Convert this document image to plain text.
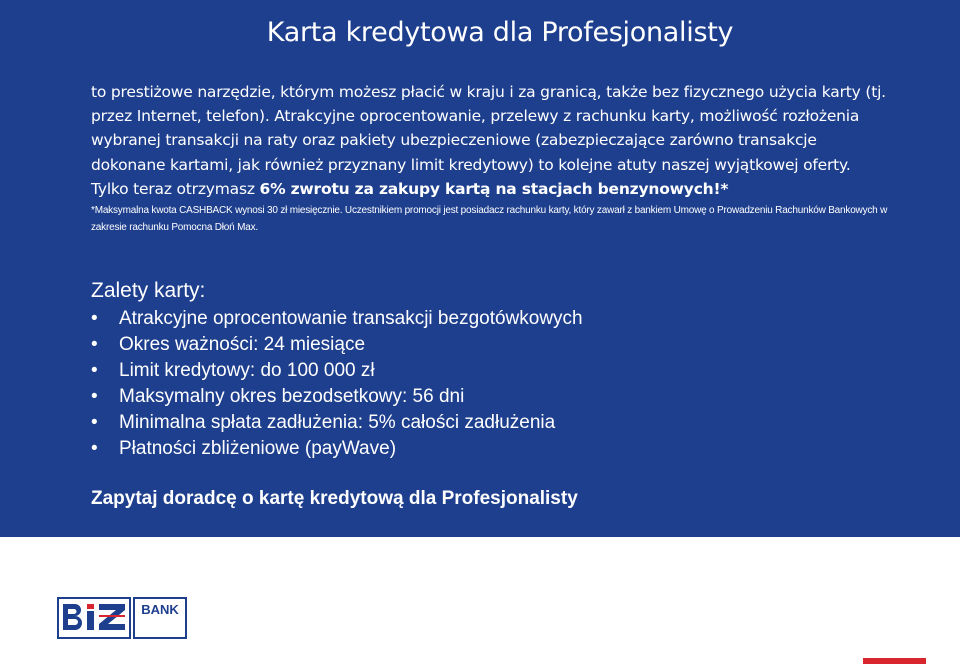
Karta kredytowa dla Profesjonalisty
to prestiżowe narzędzie, którym możesz płacić w kraju i za granicą, także bez fizycznego użycia karty (tj. przez Internet, telefon). Atrakcyjne oprocentowanie, przelewy z rachunku karty, możliwość rozłożenia wybranej transakcji na raty oraz pakiety ubezpieczeniowe (zabezpieczające zarówno transakcje dokonane kartami, jak również przyznany limit kredytowy) to kolejne atuty naszej wyjątkowej oferty. Tylko teraz otrzymasz 6% zwrotu za zakupy kartą na stacjach benzynowych!*
*Maksymalna kwota CASHBACK wynosi 30 zł miesięcznie. Uczestnikiem promocji jest posiadacz rachunku karty, który zawarł z bankiem Umowę o Prowadzeniu Rachunków Bankowych w zakresie rachunku Pomocna Dłoń Max.
Zalety karty:
• Atrakcyjne oprocentowanie transakcji bezgotówkowych
• Okres ważności: 24 miesiące
• Limit kredytowy: do 100 000 zł
• Maksymalny okres bezodsetkowy: 56 dni
• Minimalna spłata zadłużenia: 5% całości zadłużenia
• Płatności zbliżeniowe (payWave)
Zapytaj doradcę o kartę kredytową dla Profesjonalisty
BANK
